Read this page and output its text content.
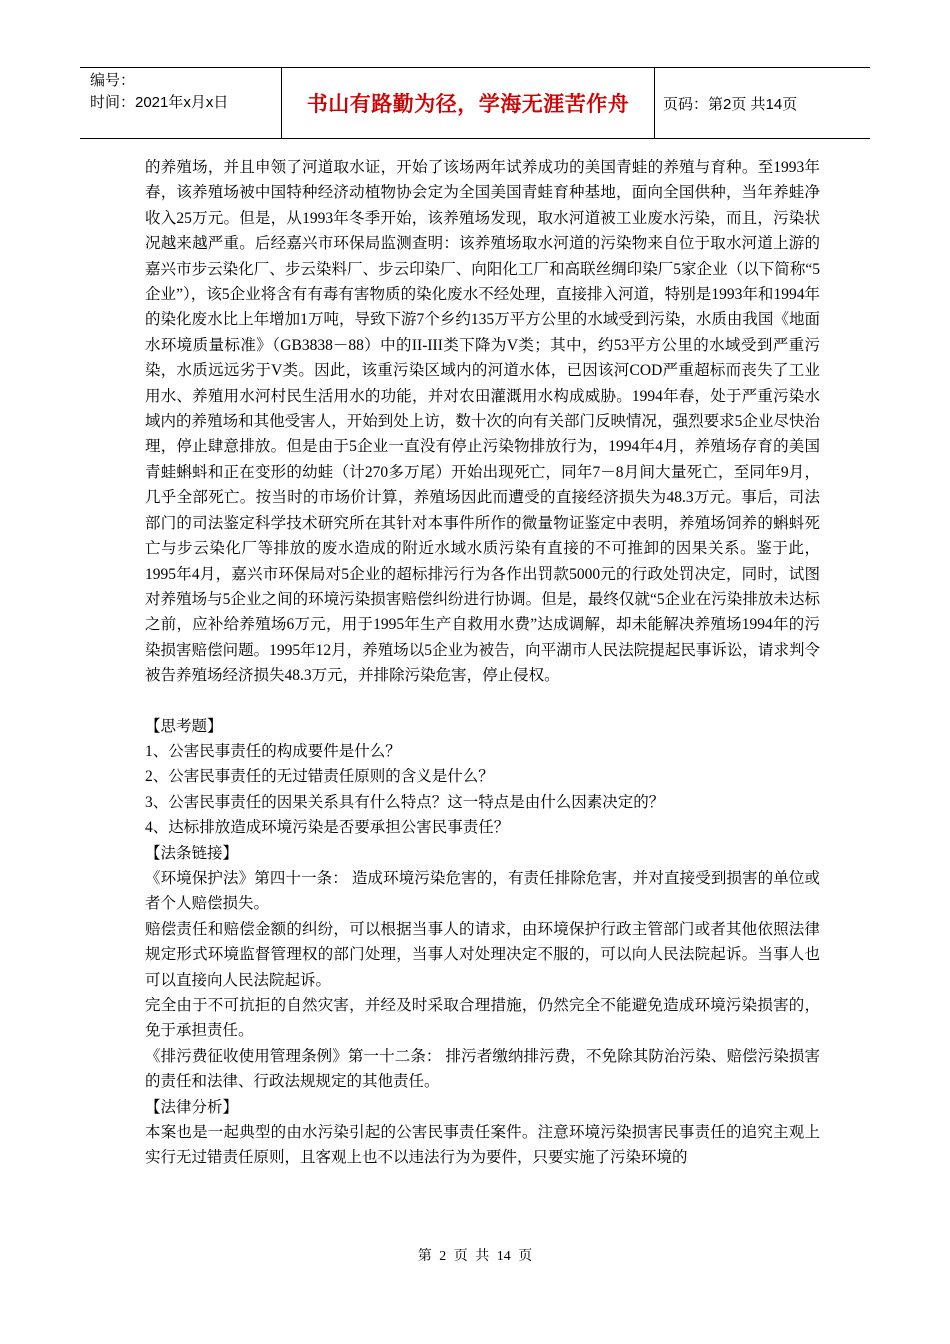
编号：
时间：2021年x月x日	书山有路勤为径，学海无涯苦作舟	页码：第2页 共14页

的养殖场，并且申领了河道取水证，开始了该场两年试养成功的美国青蛙的养殖与育种。至1993年春，该养殖场被中国特种经济动植物协会定为全国美国青蛙育种基地，面向全国供种，当年养蛙净收入25万元。但是，从1993年冬季开始，该养殖场发现，取水河道被工业废水污染，而且，污染状况越来越严重。后经嘉兴市环保局监测查明：该养殖场取水河道的污染物来自位于取水河道上游的嘉兴市步云染化厂、步云染料厂、步云印染厂、向阳化工厂和高联丝绸印染厂5家企业（以下简称“5企业”），该5企业将含有有毒有害物质的染化废水不经处理，直接排入河道，特别是1993年和1994年的染化废水比上年增加1万吨，导致下游7个乡约135万平方公里的水域受到污染，水质由我国《地面水环境质量标准》（GB3838－88）中的II-III类下降为V类；其中，约53平方公里的水域受到严重污染，水质远远劣于V类。因此，该重污染区域内的河道水体，已因该河COD严重超标而丧失了工业用水、养殖用水河村民生活用水的功能，并对农田灌溉用水构成威胁。1994年春，处于严重污染水域内的养殖场和其他受害人，开始到处上访，数十次的向有关部门反映情况，强烈要求5企业尽快治理，停止肆意排放。但是由于5企业一直没有停止污染物排放行为，1994年4月，养殖场存育的美国青蛙蝌蚪和正在变形的幼蛙（计270多万尾）开始出现死亡，同年7－8月间大量死亡，至同年9月，几乎全部死亡。按当时的市场价计算，养殖场因此而遭受的直接经济损失为48.3万元。事后，司法部门的司法鉴定科学技术研究所在其针对本事件所作的微量物证鉴定中表明，养殖场饲养的蝌蚪死亡与步云染化厂等排放的废水造成的附近水域水质污染有直接的不可推卸的因果关系。鉴于此， 1995年4月，嘉兴市环保局对5企业的超标排污行为各作出罚款5000元的行政处罚决定，同时，试图对养殖场与5企业之间的环境污染损害赔偿纠纷进行协调。但是，最终仅就“5企业在污染排放未达标之前，应补给养殖场6万元，用于1995年生产自救用水费”达成调解，却未能解决养殖场1994年的污染损害赔偿问题。1995年12月，养殖场以5企业为被告，向平湖市人民法院提起民事诉讼，请求判令被告养殖场经济损失48.3万元，并排除污染危害，停止侵权。

【思考题】

1、公害民事责任的构成要件是什么？

2、公害民事责任的无过错责任原则的含义是什么？

3、公害民事责任的因果关系具有什么特点？这一特点是由什么因素决定的？

4、达标排放造成环境污染是否要承担公害民事责任？

【法条链接】

《环境保护法》第四十一条： 造成环境污染危害的，有责任排除危害，并对直接受到损害的单位或者个人赔偿损失。

赔偿责任和赔偿金额的纠纷，可以根据当事人的请求，由环境保护行政主管部门或者其他依照法律规定形式环境监督管理权的部门处理，当事人对处理决定不服的，可以向人民法院起诉。当事人也可以直接向人民法院起诉。

完全由于不可抗拒的自然灾害，并经及时采取合理措施，仍然完全不能避免造成环境污染损害的，免于承担责任。

《排污费征收使用管理条例》第一十二条： 排污者缴纳排污费，不免除其防治污染、赔偿污染损害的责任和法律、行政法规规定的其他责任。

【法律分析】

本案也是一起典型的由水污染引起的公害民事责任案件。注意环境污染损害民事责任的追究主观上实行无过错责任原则，且客观上也不以违法行为为要件，只要实施了污染环境的

第 2 页 共 14 页
